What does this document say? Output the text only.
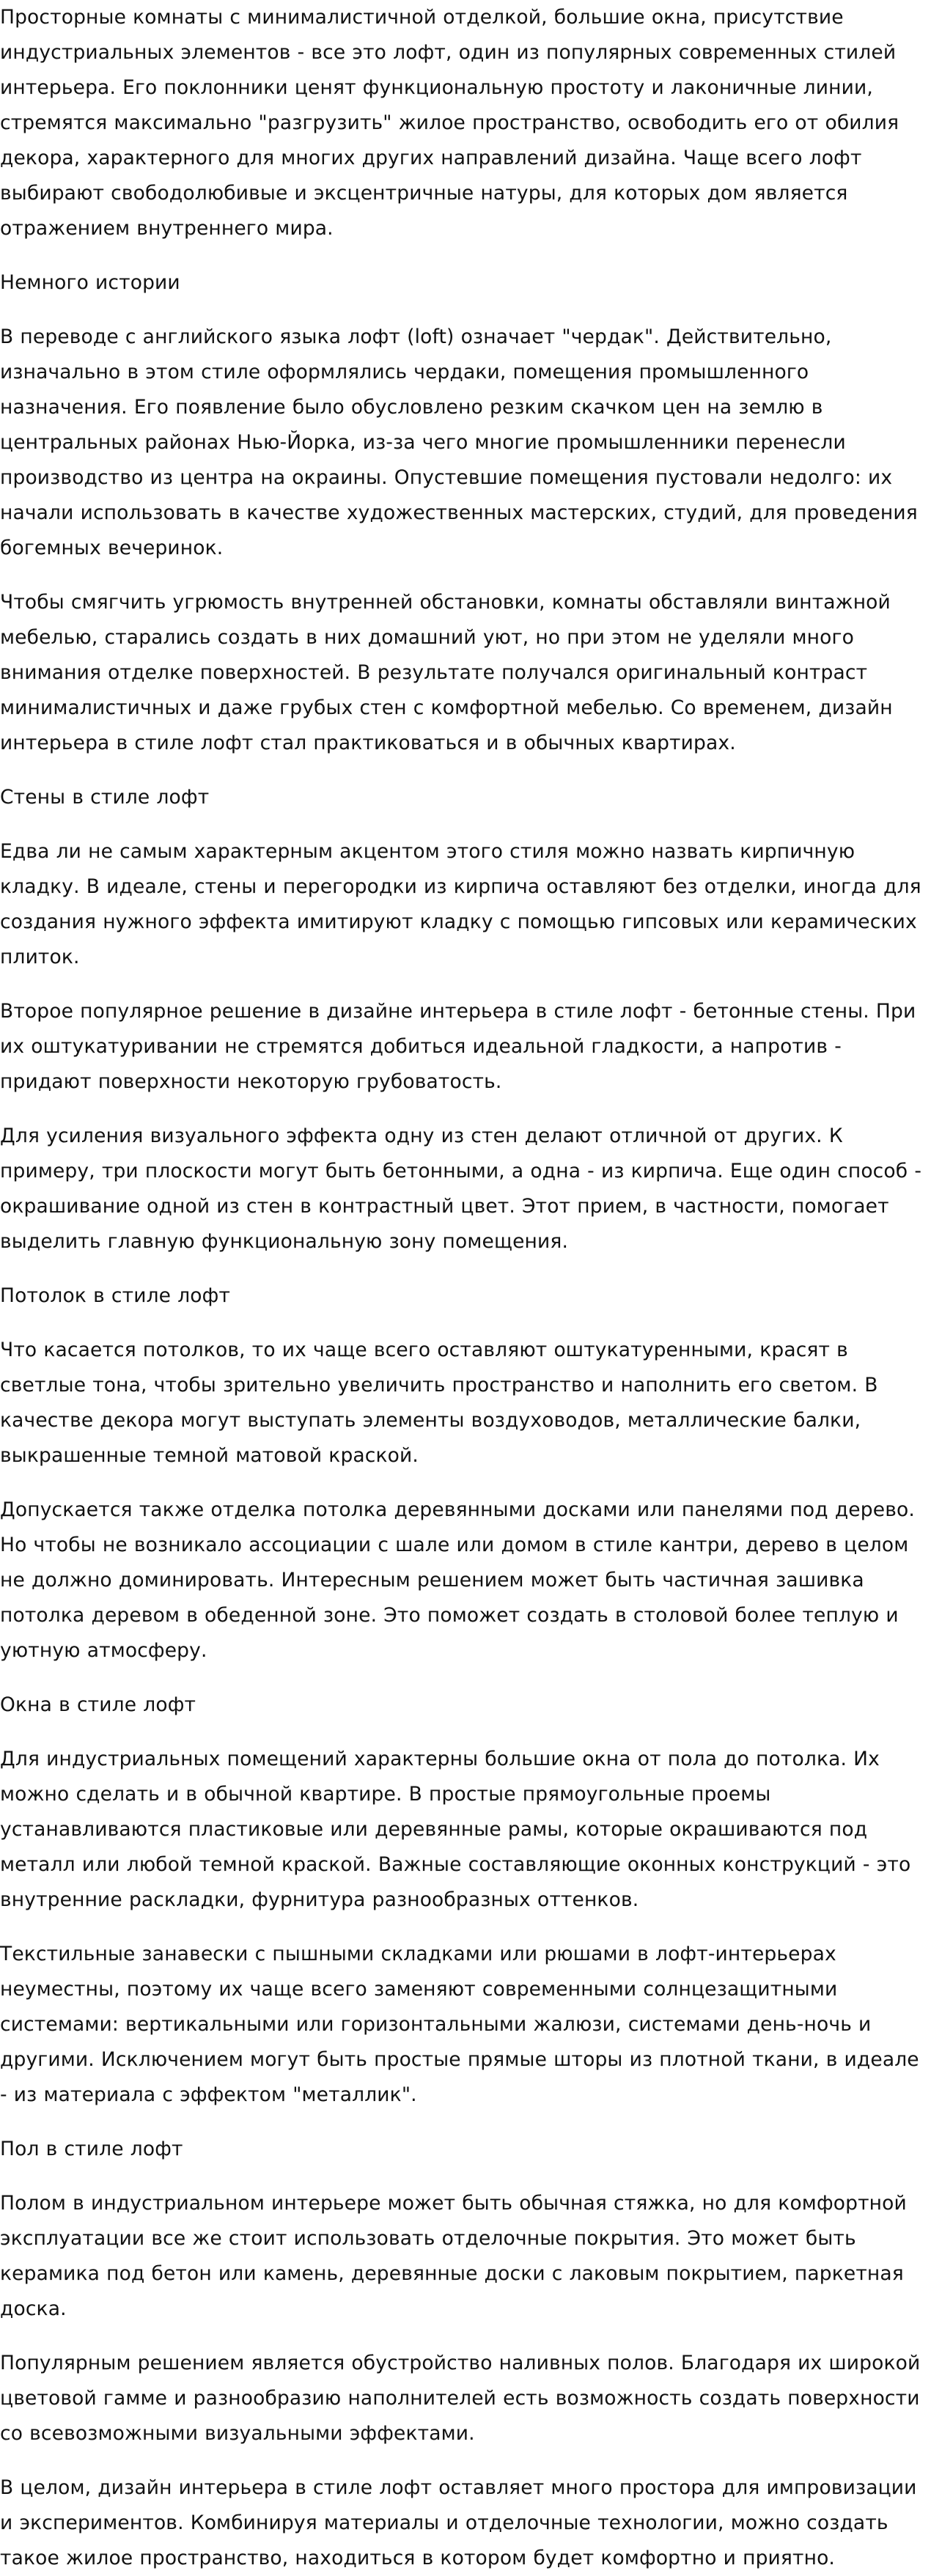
Просторные комнаты с минималистичной отделкой, большие окна, присутствие индустриальных элементов - все это лофт, один из популярных современных стилей интерьера. Его поклонники ценят функциональную простоту и лаконичные линии, стремятся максимально "разгрузить" жилое пространство, освободить его от обилия декора, характерного для многих других направлений дизайна. Чаще всего лофт выбирают свободолюбивые и эксцентричные натуры, для которых дом является отражением внутреннего мира.

Немного истории

В переводе с английского языка лофт (loft) означает "чердак". Действительно, изначально в этом стиле оформлялись чердаки, помещения промышленного назначения. Его появление было обусловлено резким скачком цен на землю в центральных районах Нью-Йорка, из-за чего многие промышленники перенесли производство из центра на окраины. Опустевшие помещения пустовали недолго: их начали использовать в качестве художественных мастерских, студий, для проведения богемных вечеринок.

Чтобы смягчить угрюмость внутренней обстановки, комнаты обставляли винтажной мебелью, старались создать в них домашний уют, но при этом не уделяли много внимания отделке поверхностей. В результате получался оригинальный контраст минималистичных и даже грубых стен с комфортной мебелью. Со временем, дизайн интерьера в стиле лофт стал практиковаться и в обычных квартирах.

Стены в стиле лофт

Едва ли не самым характерным акцентом этого стиля можно назвать кирпичную кладку. В идеале, стены и перегородки из кирпича оставляют без отделки, иногда для создания нужного эффекта имитируют кладку с помощью гипсовых или керамических плиток.

Второе популярное решение в дизайне интерьера в стиле лофт - бетонные стены. При их оштукатуривании не стремятся добиться идеальной гладкости, а напротив - придают поверхности некоторую грубоватость.

Для усиления визуального эффекта одну из стен делают отличной от других. К примеру, три плоскости могут быть бетонными, а одна - из кирпича. Еще один способ - окрашивание одной из стен в контрастный цвет. Этот прием, в частности, помогает выделить главную функциональную зону помещения.

Потолок в стиле лофт

Что касается потолков, то их чаще всего оставляют оштукатуренными, красят в светлые тона, чтобы зрительно увеличить пространство и наполнить его светом. В качестве декора могут выступать элементы воздуховодов, металлические балки, выкрашенные темной матовой краской.

Допускается также отделка потолка деревянными досками или панелями под дерево. Но чтобы не возникало ассоциации с шале или домом в стиле кантри, дерево в целом не должно доминировать. Интересным решением может быть частичная зашивка потолка деревом в обеденной зоне. Это поможет создать в столовой более теплую и уютную атмосферу.

Окна в стиле лофт

Для индустриальных помещений характерны большие окна от пола до потолка. Их можно сделать и в обычной квартире. В простые прямоугольные проемы устанавливаются пластиковые или деревянные рамы, которые окрашиваются под металл или любой темной краской. Важные составляющие оконных конструкций - это внутренние раскладки, фурнитура разнообразных оттенков.

Текстильные занавески с пышными складками или рюшами в лофт-интерьерах неуместны, поэтому их чаще всего заменяют современными солнцезащитными системами: вертикальными или горизонтальными жалюзи, системами день-ночь и другими. Исключением могут быть простые прямые шторы из плотной ткани, в идеале - из материала с эффектом "металлик".

Пол в стиле лофт

Полом в индустриальном интерьере может быть обычная стяжка, но для комфортной эксплуатации все же стоит использовать отделочные покрытия. Это может быть керамика под бетон или камень, деревянные доски с лаковым покрытием, паркетная доска.

Популярным решением является обустройство наливных полов. Благодаря их широкой цветовой гамме и разнообразию наполнителей есть возможность создать поверхности со всевозможными визуальными эффектами.

В целом, дизайн интерьера в стиле лофт оставляет много простора для импровизации и экспериментов. Комбинируя материалы и отделочные технологии, можно создать такое жилое пространство, находиться в котором будет комфортно и приятно.
